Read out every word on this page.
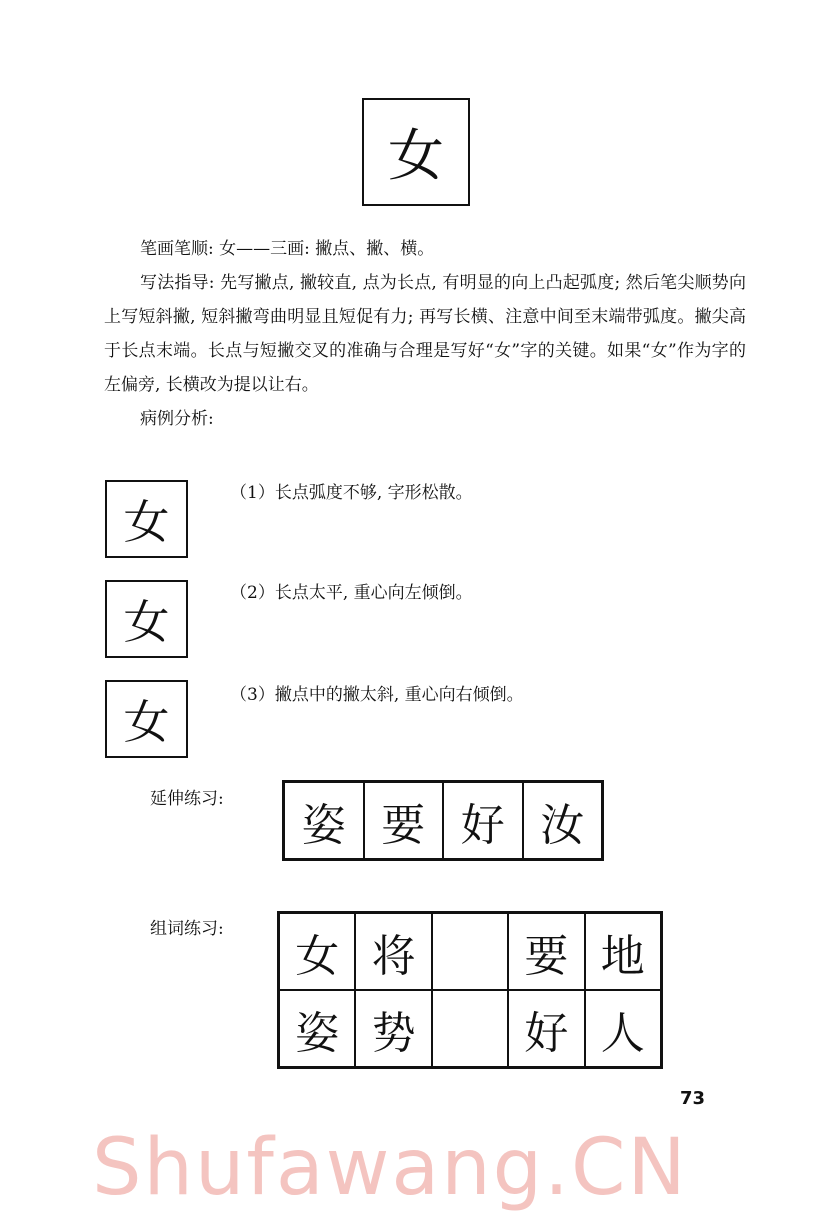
女

笔画笔顺: 女——三画: 撇点、撇、横。

写法指导: 先写撇点, 撇较直, 点为长点, 有明显的向上凸起弧度; 然后笔尖顺势向上写短斜撇, 短斜撇弯曲明显且短促有力; 再写长横、注意中间至末端带弧度。撇尖高于长点末端。长点与短撇交叉的准确与合理是写好“女”字的关键。如果“女”作为字的左偏旁, 长横改为提以让右。

病例分析:

女
（1）长点弧度不够, 字形松散。
女
（2）长点太平, 重心向左倾倒。
女	（3）撇点中的撇太斜, 重心向右倾倒。
延伸练习:
姿 要 好 汝
组词练习:
女 将	要 地
姿 势	好 人
73
Shufawang.CN
